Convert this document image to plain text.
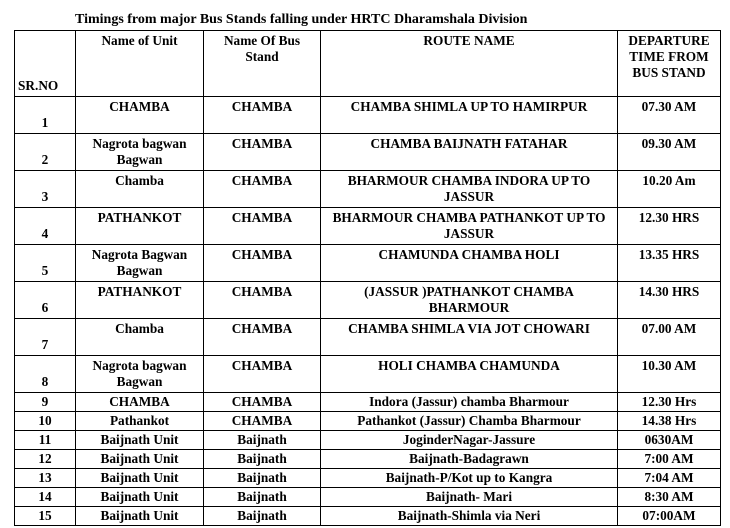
Timings from major Bus Stands falling under HRTC Dharamshala Division
SR.NO	Name of Unit	Name Of Bus Stand	ROUTE NAME	DEPARTURE TIME FROM BUS STAND
1	CHAMBA	CHAMBA	CHAMBA SHIMLA UP TO HAMIRPUR	07.30 AM
2	Nagrota bagwan Bagwan	CHAMBA	CHAMBA BAIJNATH FATAHAR	09.30 AM
3	Chamba	CHAMBA	BHARMOUR CHAMBA INDORA UP TO JASSUR	10.20 Am
4	PATHANKOT	CHAMBA	BHARMOUR CHAMBA PATHANKOT UP TO JASSUR	12.30 HRS
5	Nagrota Bagwan Bagwan	CHAMBA	CHAMUNDA CHAMBA HOLI	13.35 HRS
6	PATHANKOT	CHAMBA	(JASSUR )PATHANKOT CHAMBA BHARMOUR	14.30 HRS
7	Chamba	CHAMBA	CHAMBA SHIMLA VIA JOT CHOWARI	07.00 AM
8	Nagrota bagwan Bagwan	CHAMBA	HOLI CHAMBA CHAMUNDA	10.30 AM
9	CHAMBA	CHAMBA	Indora (Jassur) chamba Bharmour	12.30 Hrs
10	Pathankot	CHAMBA	Pathankot (Jassur) Chamba Bharmour	14.38 Hrs
11	Baijnath Unit	Baijnath	JoginderNagar-Jassure	0630AM
12	Baijnath Unit	Baijnath	Baijnath-Badagrawn	7:00 AM
13	Baijnath Unit	Baijnath	Baijnath-P/Kot up to Kangra	7:04 AM
14	Baijnath Unit	Baijnath	Baijnath- Mari	8:30 AM
15	Baijnath Unit	Baijnath	Baijnath-Shimla via Neri	07:00AM
